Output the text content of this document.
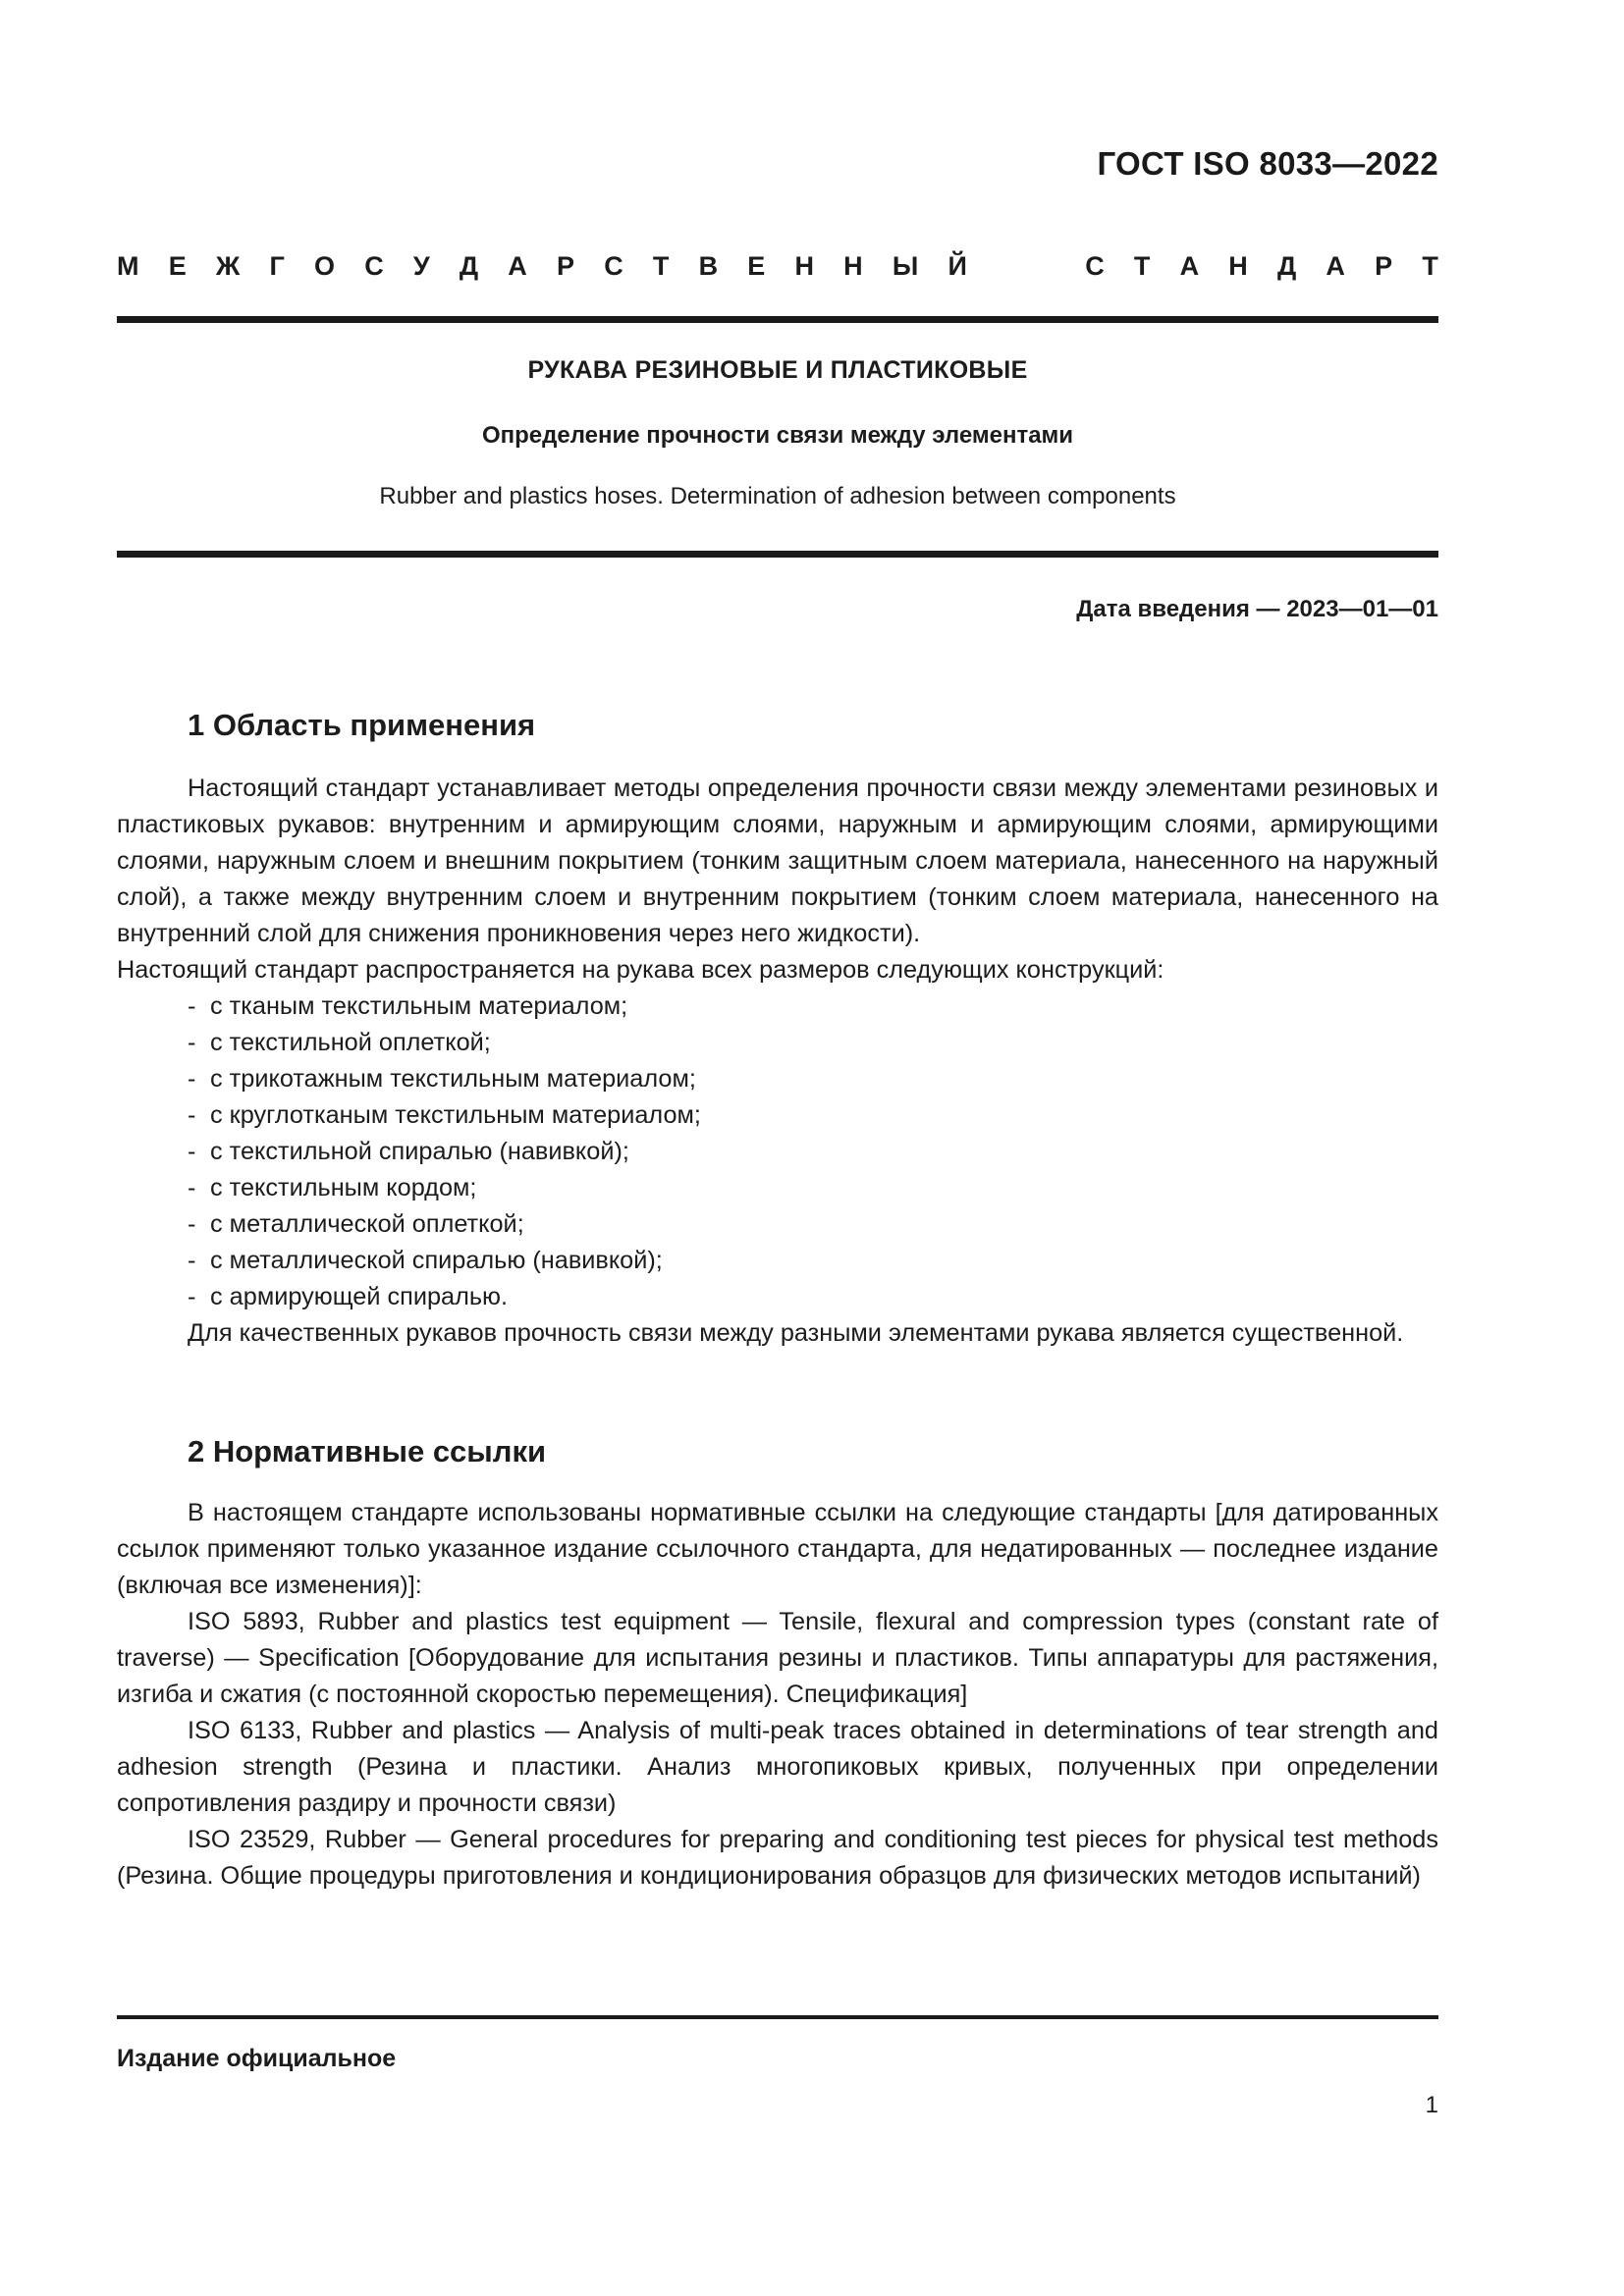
ГОСТ ISO 8033—2022
М Е Ж Г О С У Д А Р С Т В Е Н Н Ы Й	С Т А Н Д А Р Т
РУКАВА РЕЗИНОВЫЕ И ПЛАСТИКОВЫЕ
Определение прочности связи между элементами
Rubber and plastics hoses. Determination of adhesion between components
Дата введения — 2023—01—01
1 Область применения

Настоящий стандарт устанавливает методы определения прочности связи между элементами резиновых и пластиковых рукавов: внутренним и армирующим слоями, наружным и армирующим слоями, армирующими слоями, наружным слоем и внешним покрытием (тонким защитным слоем материала, нанесенного на наружный слой), а также между внутренним слоем и внутренним покрытием (тонким слоем материала, нанесенного на внутренний слой для снижения проникновения через него жидкости).

Настоящий стандарт распространяется на рукава всех размеров следующих конструкций:

- с тканым текстильным материалом;
- с текстильной оплеткой;
- с трикотажным текстильным материалом;
- с круглотканым текстильным материалом;
- с текстильной спиралью (навивкой);
- с текстильным кордом;
- с металлической оплеткой;
- с металлической спиралью (навивкой);
- с армирующей спиралью.

Для качественных рукавов прочность связи между разными элементами рукава является существенной.

2 Нормативные ссылки

В настоящем стандарте использованы нормативные ссылки на следующие стандарты [для датированных ссылок применяют только указанное издание ссылочного стандарта, для недатированных — последнее издание (включая все изменения)]:

ISO 5893, Rubber and plastics test equipment — Tensile, flexural and compression types (constant rate of traverse) — Specification [Оборудование для испытания резины и пластиков. Типы аппаратуры для растяжения, изгиба и сжатия (с постоянной скоростью перемещения). Спецификация]

ISO 6133, Rubber and plastics — Analysis of multi-peak traces obtained in determinations of tear strength and adhesion strength (Резина и пластики. Анализ многопиковых кривых, полученных при определении сопротивления раздиру и прочности связи)

ISO 23529, Rubber — General procedures for preparing and conditioning test pieces for physical test methods (Резина. Общие процедуры приготовления и кондиционирования образцов для физических методов испытаний)

Издание официальное
1
